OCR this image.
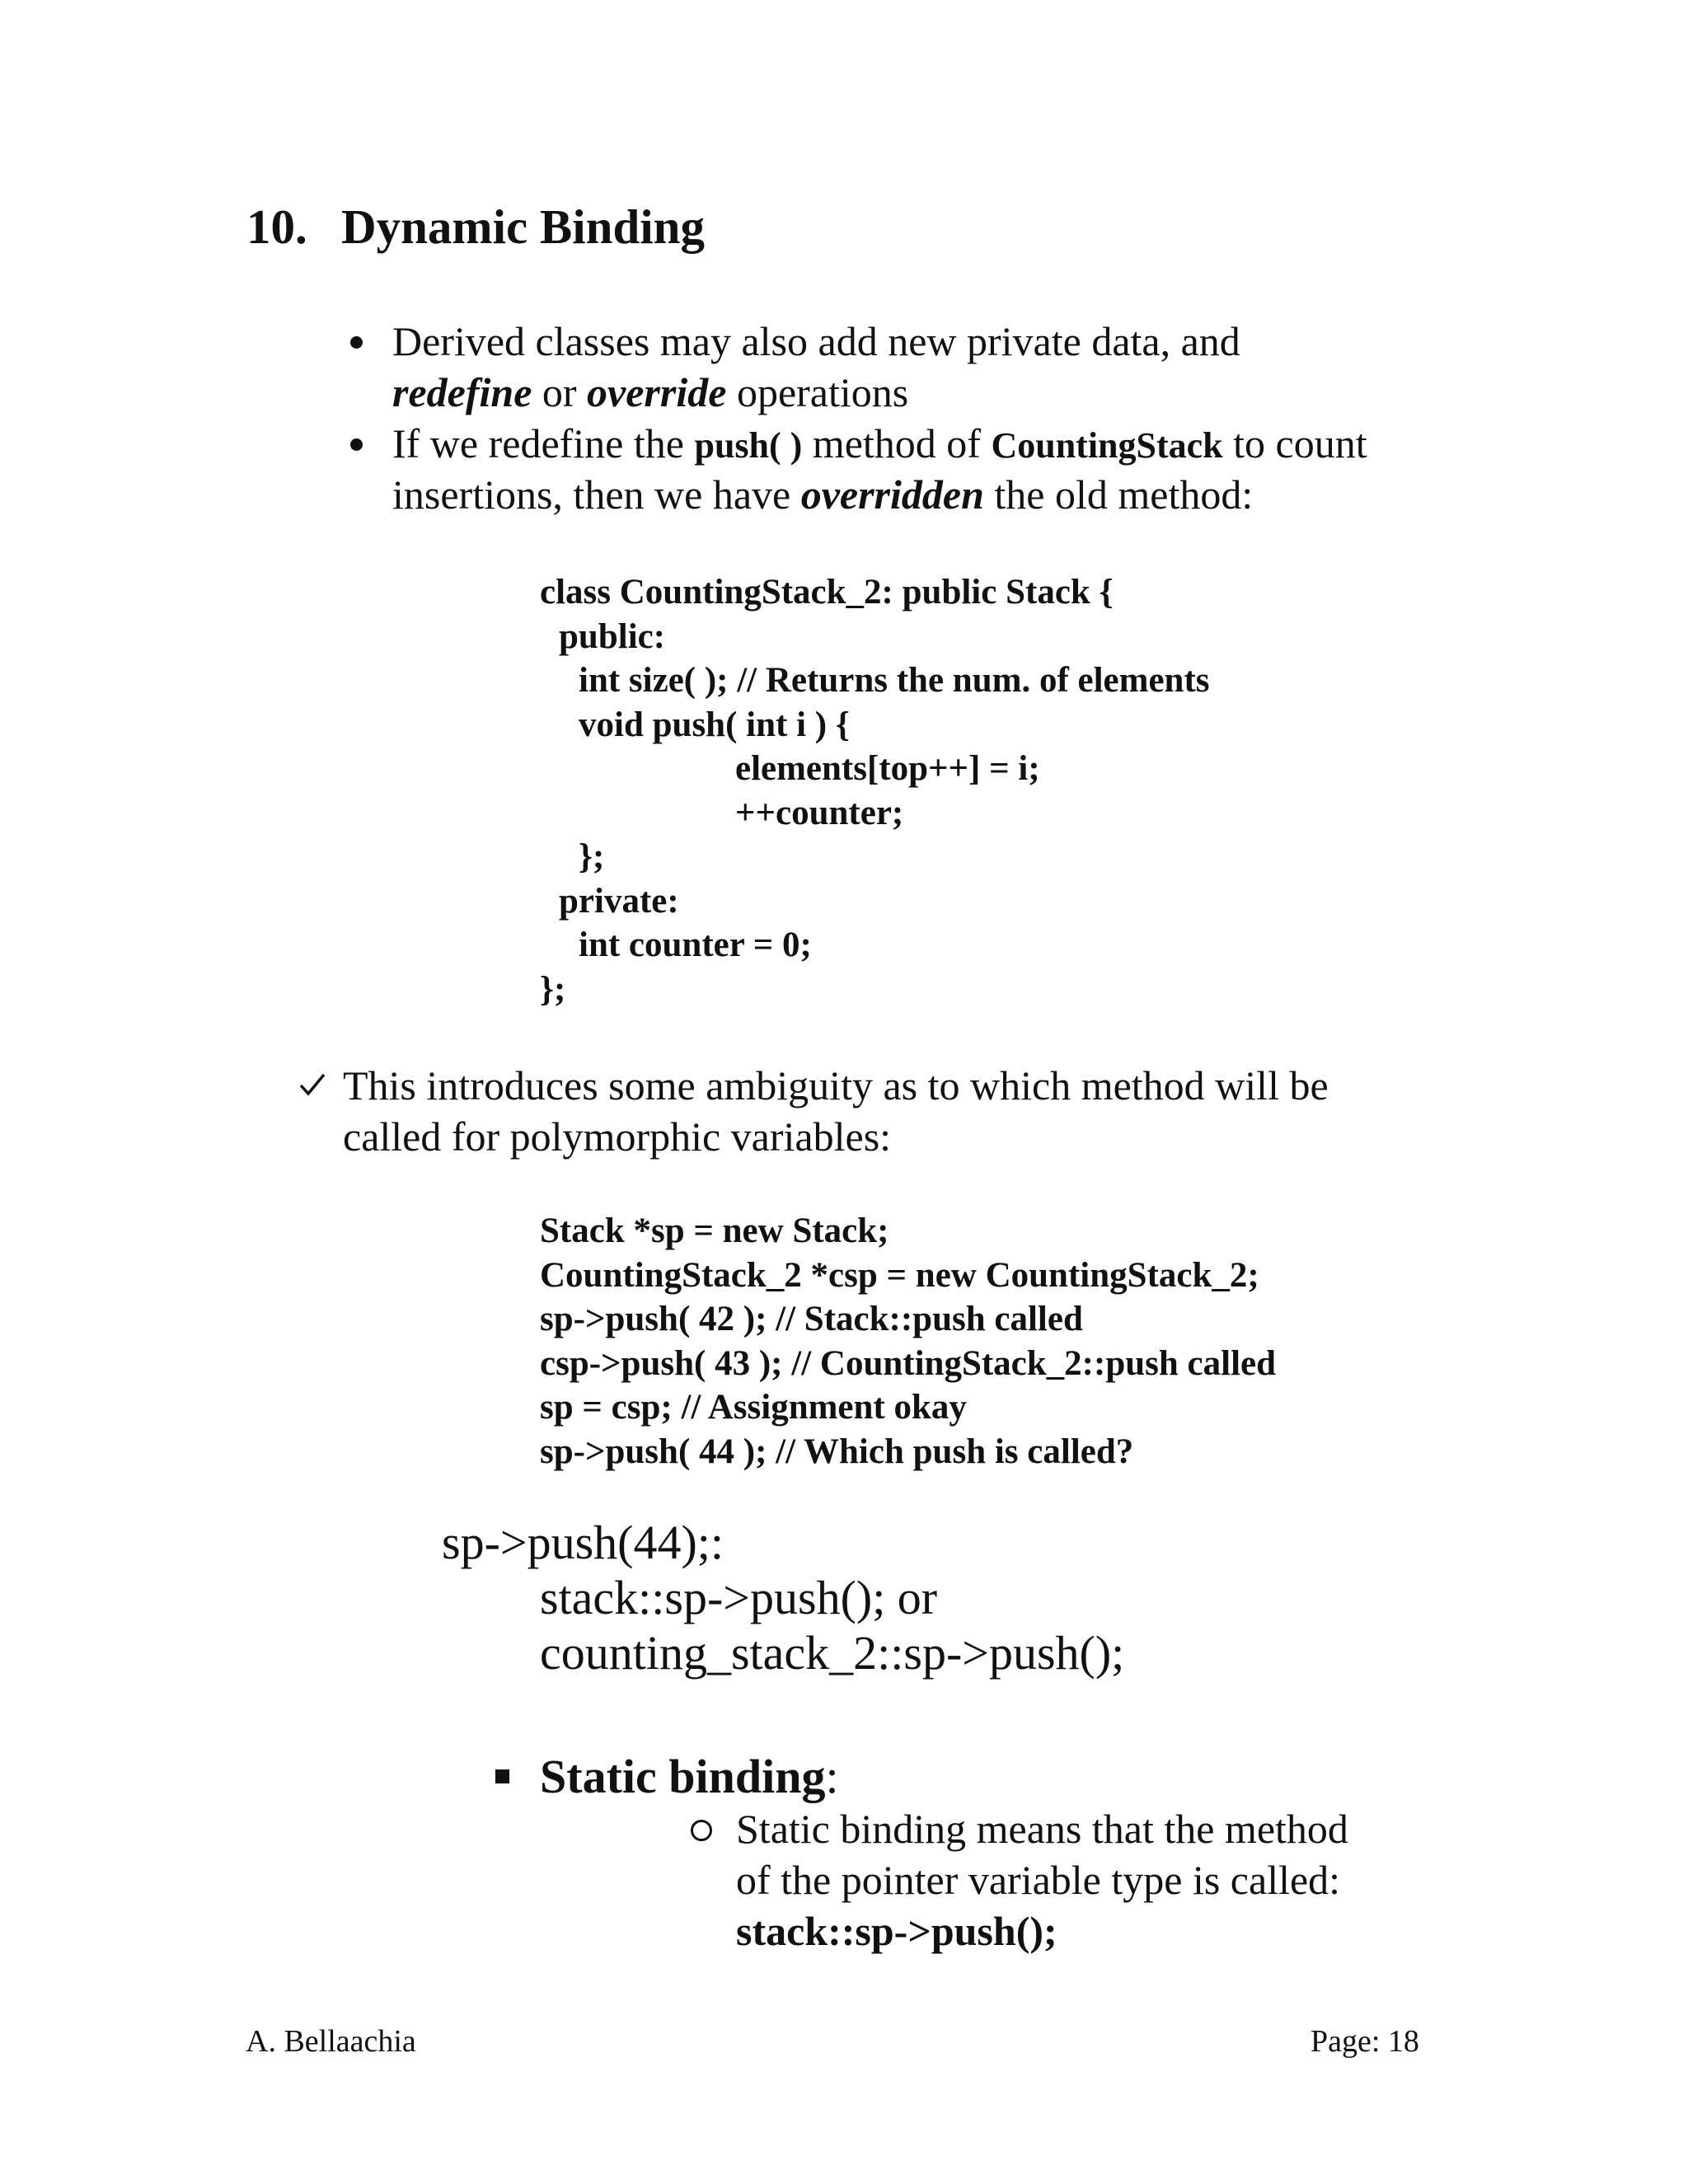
10. Dynamic Binding
Derived classes may also add new private data, and
redefine or override operations
If we redefine the push( ) method of CountingStack to count
insertions, then we have overridden the old method:
class CountingStack_2: public Stack {
public:
int size( ); // Returns the num. of elements
void push( int i ) {
elements[top++] = i;
++counter;
};
private:
int counter = 0;
};
This introduces some ambiguity as to which method will be
called for polymorphic variables:
Stack *sp = new Stack;
CountingStack_2 *csp = new CountingStack_2;
sp->push( 42 ); // Stack::push called
csp->push( 43 ); // CountingStack_2::push called
sp = csp; // Assignment okay
sp->push( 44 ); // Which push is called?
sp->push(44);:
stack::sp->push(); or
counting_stack_2::sp->push();
Static binding:
Static binding means that the method
of the pointer variable type is called:
stack::sp->push();
A. Bellaachia	Page: 18
